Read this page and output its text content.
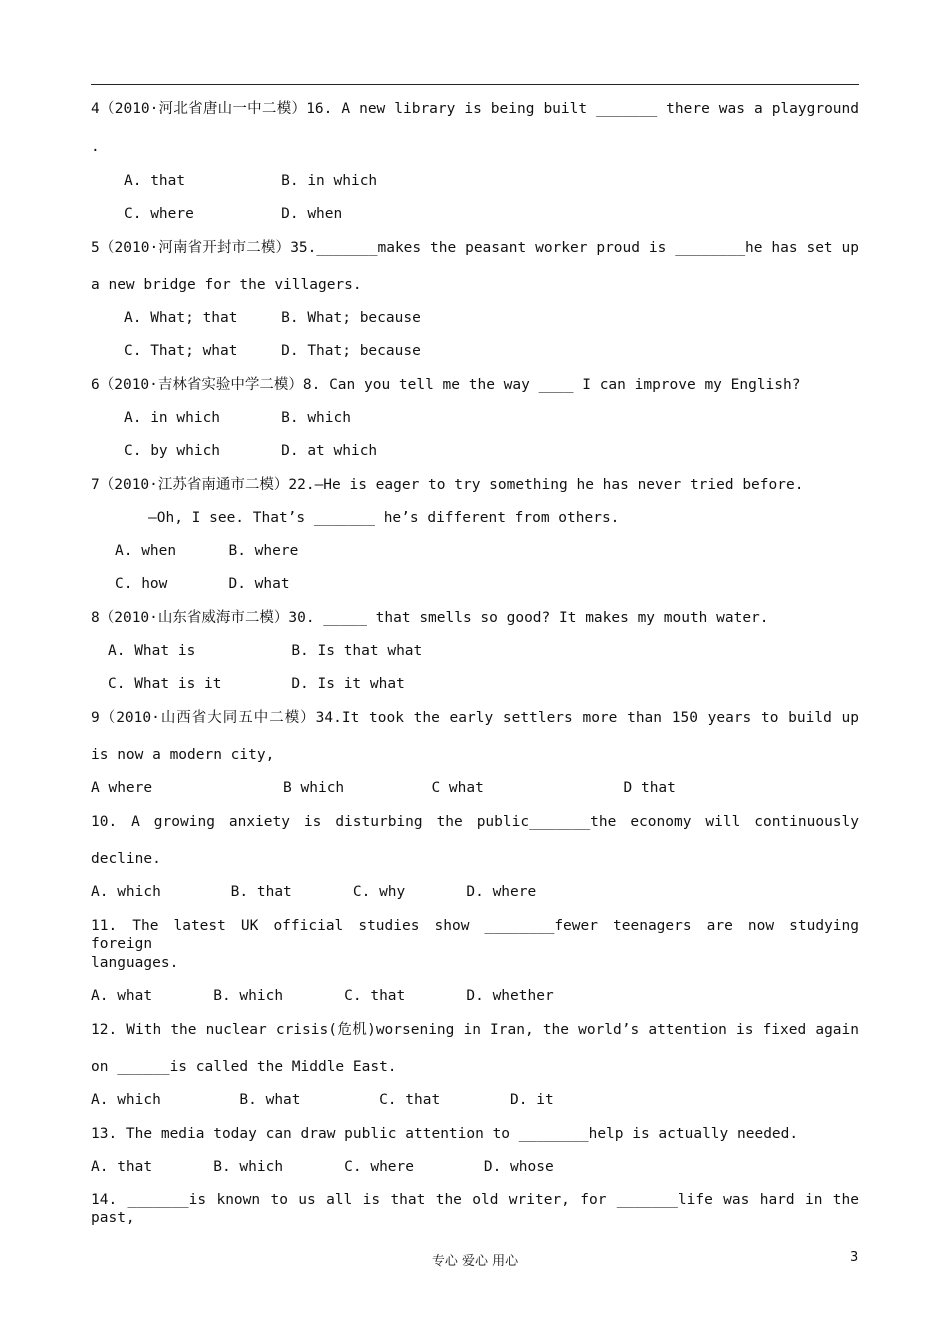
4（2010·河北省唐山一中二模）16. A new library is being built _______ there was a playground
.
A. that           B. in which
C. where          D. when
5（2010·河南省开封市二模）35._______makes the peasant worker proud is ________he has set up
a new bridge for the villagers.
A. What; that     B. What; because
C. That; what     D. That; because
6（2010·吉林省实验中学二模）8. Can you tell me the way ____ I can improve my English?
A. in which       B. which
C. by which       D. at which
7（2010·江苏省南通市二模）22.—He is eager to try something he has never tried before.
—Oh, I see. That’s _______ he’s different from others.
A. when      B. where
C. how       D. what
8（2010·山东省威海市二模）30. _____ that smells so good? It makes my mouth water.
A. What is           B. Is that what
C. What is it        D. Is it what
9（2010·山西省大同五中二模）34.It took the early settlers more than 150 years to build up
is now a modern city,
A where               B which          C what                D that
10. A growing anxiety is disturbing the public_______the economy will continuously
decline.
A. which        B. that       C. why       D. where
11. The latest UK official studies show ________fewer teenagers are now studying foreign
languages.
A. what       B. which       C. that       D. whether
12. With the nuclear crisis(危机)worsening in Iran, the world’s attention is fixed again
on ______is called the Middle East.
A. which         B. what         C. that        D. it
13. The media today can draw public attention to ________help is actually needed.
A. that       B. which       C. where        D. whose
14. _______is known to us all is that the old writer, for _______life was hard in the past,
专心 爱心 用心	3
